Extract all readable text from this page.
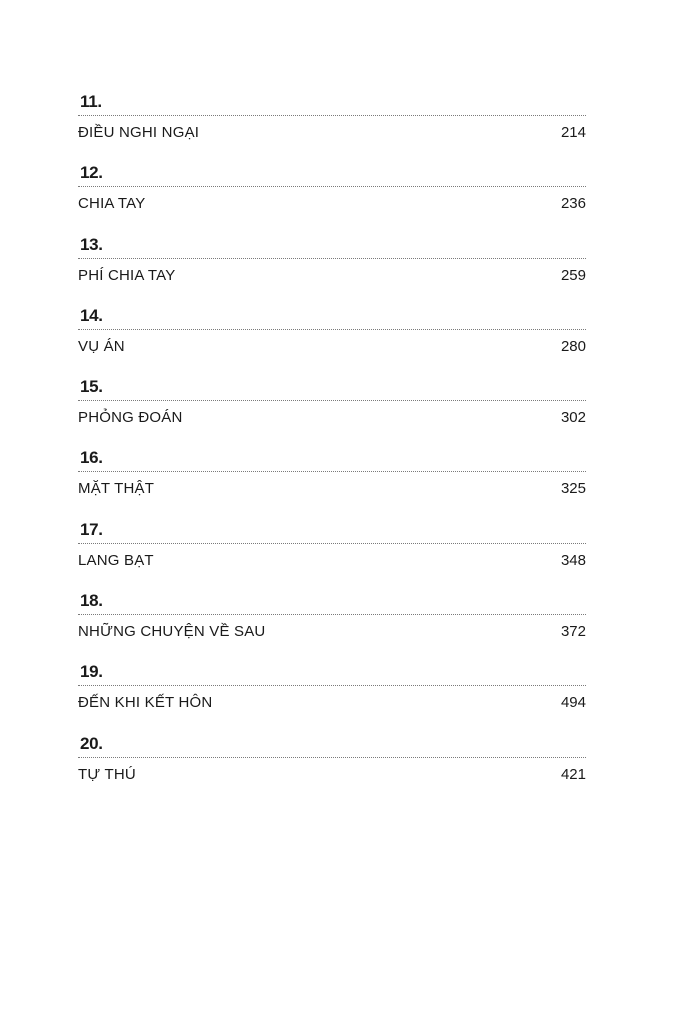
11.
ĐIỀU NGHI NGẠI	214
12.
CHIA TAY	236
13.
PHÍ CHIA TAY	259
14.
VỤ ÁN	280
15.
PHỎNG ĐOÁN	302
16.
MẶT THẬT	325
17.
LANG BẠT	348
18.
NHỮNG CHUYỆN VỀ SAU	372
19.
ĐẾN KHI KẾT HÔN	494
20.
TỰ THÚ	421
